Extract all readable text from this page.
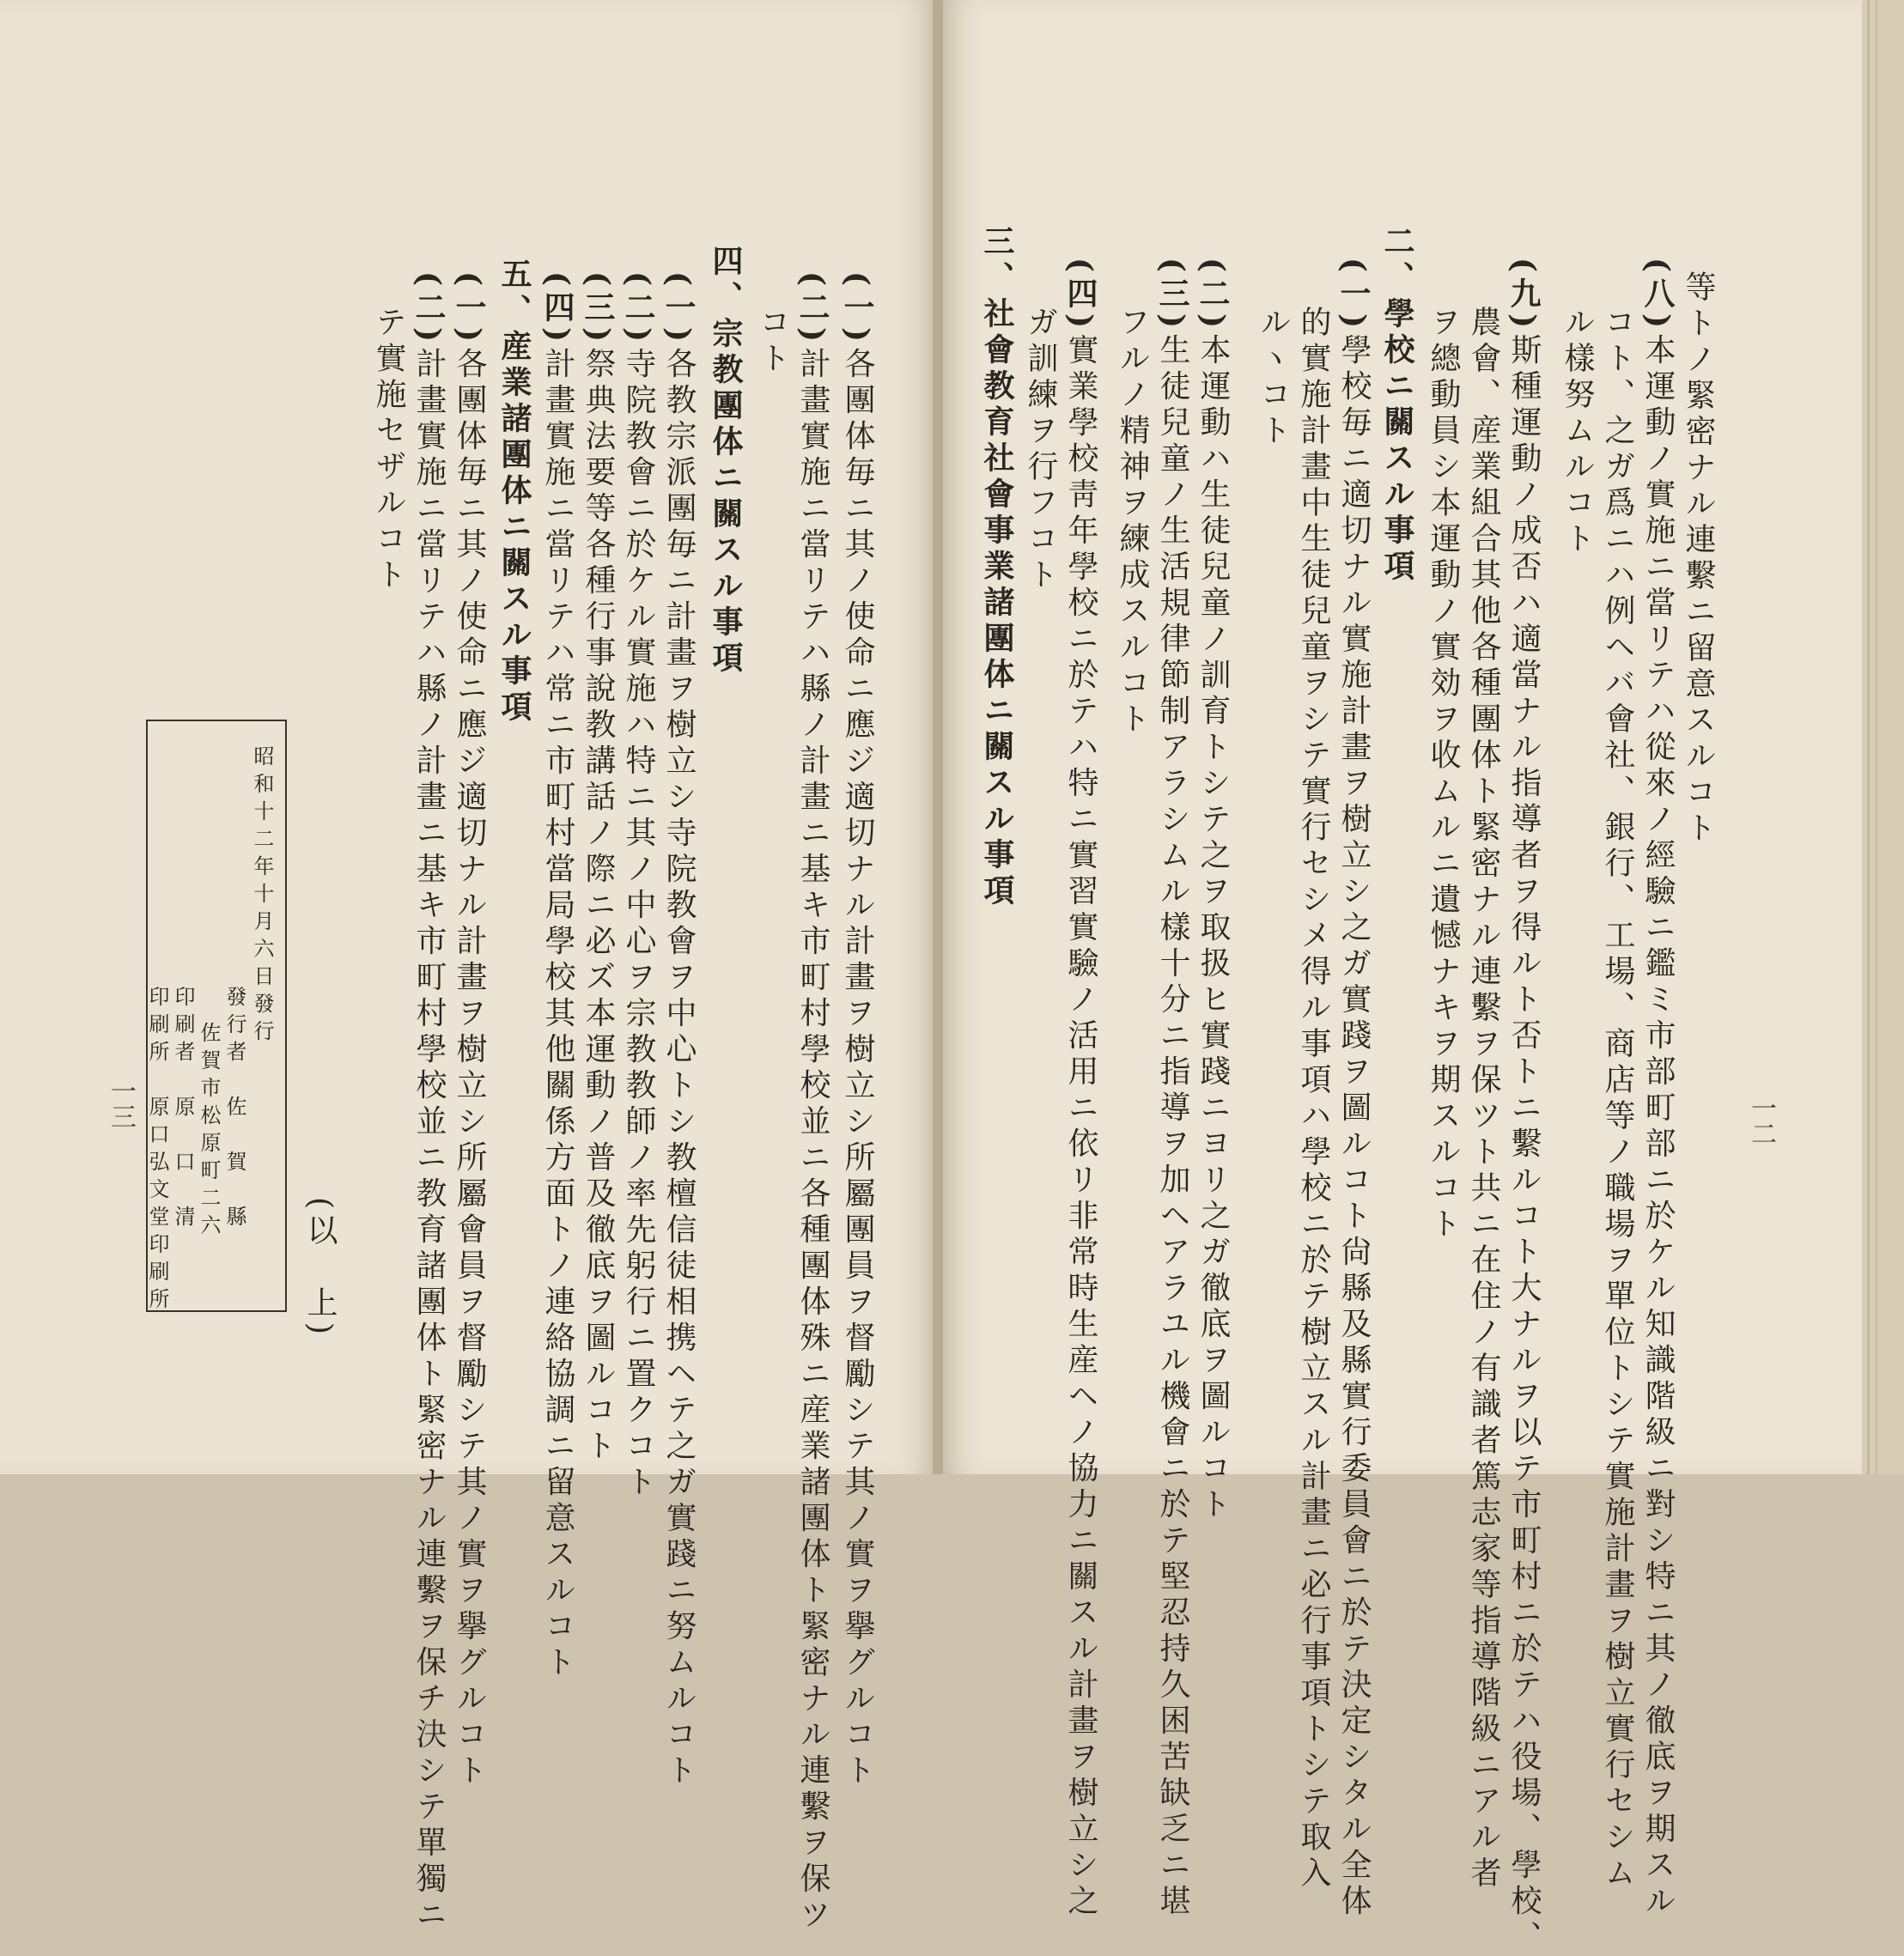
等トノ緊密ナル連繫ニ留意スルコト
(八)本運動ノ實施ニ當リテハ從來ノ經驗ニ鑑ミ市部町部ニ於ケル知識階級ニ對シ特ニ其ノ徹底ヲ期スル
コト、之ガ爲ニハ例ヘバ會社、銀行、工場、商店等ノ職場ヲ單位トシテ實施計畫ヲ樹立實行セシム
ル樣努ムルコト
(九)斯種運動ノ成否ハ適當ナル指導者ヲ得ルト否トニ繫ルコト大ナルヲ以テ市町村ニ於テハ役場、學校、
農會、産業組合其他各種團体ト緊密ナル連繫ヲ保ツト共ニ在住ノ有識者篤志家等指導階級ニアル者
ヲ總動員シ本運動ノ實効ヲ收ムルニ遺憾ナキヲ期スルコト
二、學校ニ關スル事項
(一)學校毎ニ適切ナル實施計畫ヲ樹立シ之ガ實踐ヲ圖ルコト尙縣及縣實行委員會ニ於テ決定シタル全体
的實施計畫中生徒兒童ヲシテ實行セシメ得ル事項ハ學校ニ於テ樹立スル計畫ニ必行事項トシテ取入
ルヽコト
(二)本運動ハ生徒兒童ノ訓育トシテ之ヲ取扱ヒ實踐ニヨリ之ガ徹底ヲ圖ルコト
(三)生徒兒童ノ生活規律節制アラシムル樣十分ニ指導ヲ加ヘアラユル機會ニ於テ堅忍持久困苦缺乏ニ堪
フルノ精神ヲ練成スルコト
(四)實業學校靑年學校ニ於テハ特ニ實習實驗ノ活用ニ依リ非常時生産ヘノ協力ニ關スル計畫ヲ樹立シ之
ガ訓練ヲ行フコト
三、社會教育社會事業諸團体ニ關スル事項
一二
(一)各團体毎ニ其ノ使命ニ應ジ適切ナル計畫ヲ樹立シ所屬團員ヲ督勵シテ其ノ實ヲ擧グルコト
(二)計畫實施ニ當リテハ縣ノ計畫ニ基キ市町村學校並ニ各種團体殊ニ産業諸團体ト緊密ナル連繫ヲ保ツ
コト
四、宗教團体ニ關スル事項
(一)各教宗派團毎ニ計畫ヲ樹立シ寺院教會ヲ中心トシ教檀信徒相携ヘテ之ガ實踐ニ努ムルコト
(二)寺院教會ニ於ケル實施ハ特ニ其ノ中心ヲ宗教教師ノ率先躬行ニ置クコト
(三)祭典法要等各種行事說教講話ノ際ニ必ズ本運動ノ普及徹底ヲ圖ルコト
(四)計畫實施ニ當リテハ常ニ市町村當局學校其他關係方面トノ連絡協調ニ留意スルコト
五、産業諸團体ニ關スル事項
(一)各團体毎ニ其ノ使命ニ應ジ適切ナル計畫ヲ樹立シ所屬會員ヲ督勵シテ其ノ實ヲ擧グルコト
(二)計畫實施ニ當リテハ縣ノ計畫ニ基キ市町村學校並ニ教育諸團体ト緊密ナル連繫ヲ保チ決シテ單獨ニ
テ實施セザルコト
(以　上)
昭和十二年十月六日發行
發行者　佐　賀　縣
佐賀市松原町二六
印刷者　原　口　清
印刷所　原口弘文堂印刷所
一三
